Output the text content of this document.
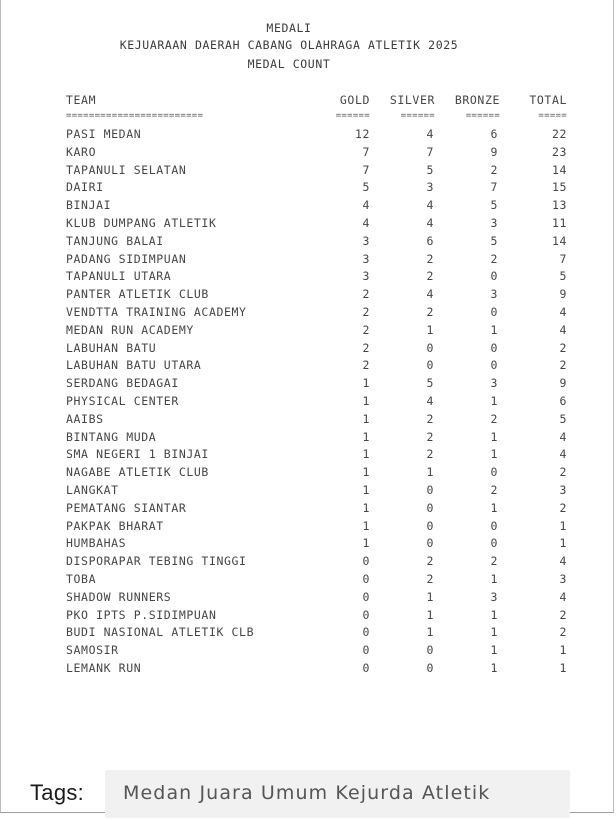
MEDALI
KEJUARAAN DAERAH CABANG OLAHRAGA ATLETIK 2025
MEDAL COUNT
TEAM	GOLD	SILVER	BRONZE	TOTAL
========================	======	======	======	=====
PASI MEDAN	12	4	6	22
KARO	7	7	9	23
TAPANULI SELATAN	7	5	2	14
DAIRI	5	3	7	15
BINJAI	4	4	5	13
KLUB DUMPANG ATLETIK	4	4	3	11
TANJUNG BALAI	3	6	5	14
PADANG SIDIMPUAN	3	2	2	7
TAPANULI UTARA	3	2	0	5
PANTER ATLETIK CLUB	2	4	3	9
VENDTTA TRAINING ACADEMY	2	2	0	4
MEDAN RUN ACADEMY	2	1	1	4
LABUHAN BATU	2	0	0	2
LABUHAN BATU UTARA	2	0	0	2
SERDANG BEDAGAI	1	5	3	9
PHYSICAL CENTER	1	4	1	6
AAIBS	1	2	2	5
BINTANG MUDA	1	2	1	4
SMA NEGERI 1 BINJAI	1	2	1	4
NAGABE ATLETIK CLUB	1	1	0	2
LANGKAT	1	0	2	3
PEMATANG SIANTAR	1	0	1	2
PAKPAK BHARAT	1	0	0	1
HUMBAHAS	1	0	0	1
DISPORAPAR TEBING TINGGI	0	2	2	4
TOBA	0	2	1	3
SHADOW RUNNERS	0	1	3	4
PKO IPTS P.SIDIMPUAN	0	1	1	2
BUDI NASIONAL ATLETIK CLB	0	1	1	2
SAMOSIR	0	0	1	1
LEMANK RUN	0	0	1	1
Tags: Medan Juara Umum Kejurda Atletik
